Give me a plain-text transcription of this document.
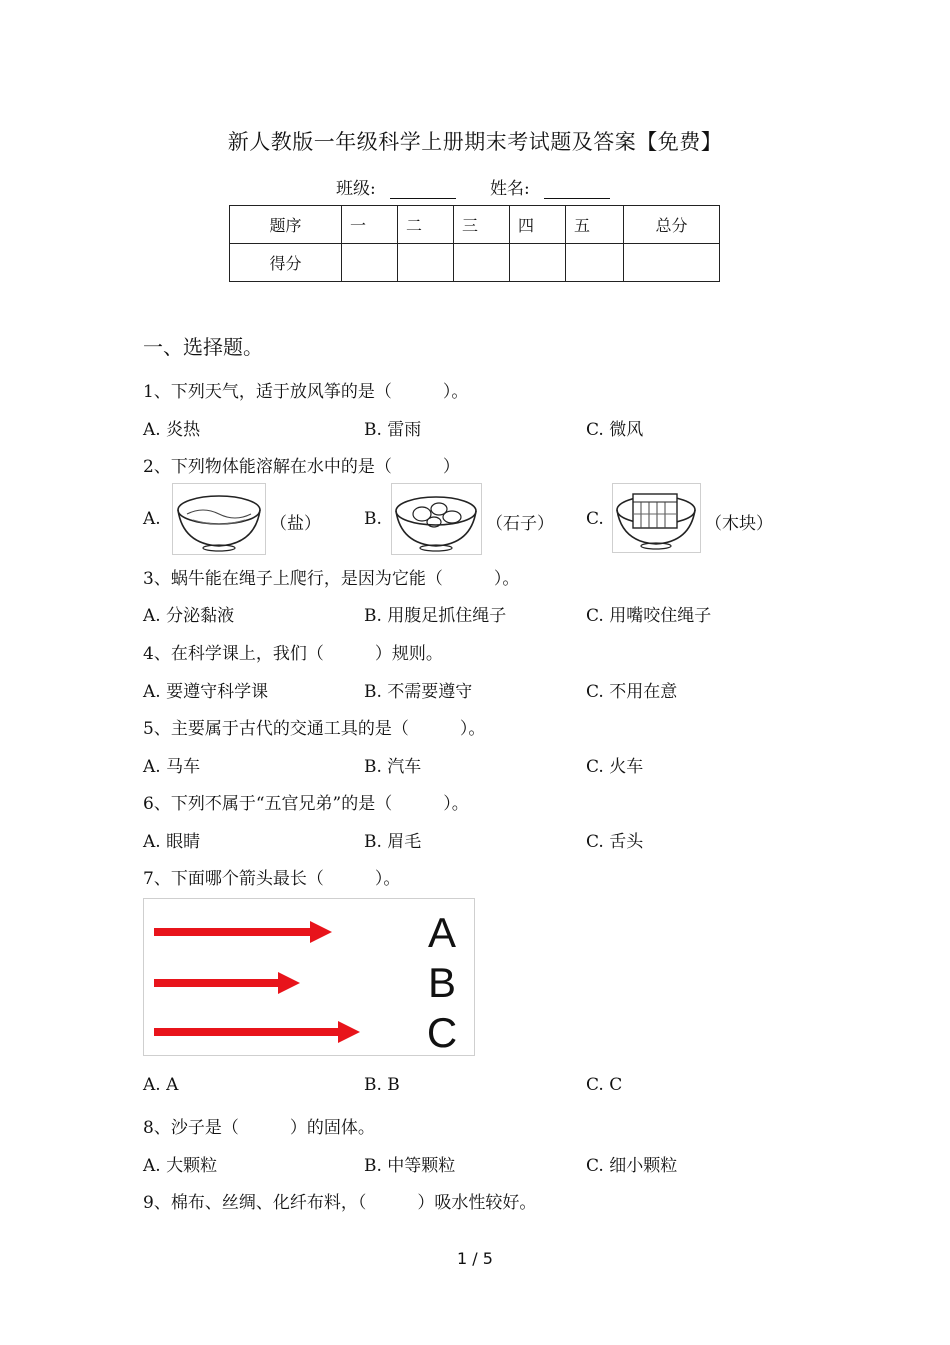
新人教版一年级科学上册期末考试题及答案【免费】
班级:	姓名:
题序	一	二	三	四	五	总分
得分						
一、选择题。
1、下列天气，适于放风筝的是（　　　）。
A. 炎热	B. 雷雨	C. 微风
2、下列物体能溶解在水中的是（　　　）
A.	（盐）	B.	（石子） C.	（木块）
3、蜗牛能在绳子上爬行，是因为它能（　　　）。
A. 分泌黏液	B. 用腹足抓住绳子	C. 用嘴咬住绳子
4、在科学课上，我们（　　　）规则。
A. 要遵守科学课	B. 不需要遵守	C. 不用在意
5、主要属于古代的交通工具的是（　　　）。
A. 马车	B. 汽车	C. 火车
6、下列不属于“五官兄弟”的是（　　　）。
A. 眼睛	B. 眉毛	C. 舌头
7、下面哪个箭头最长（　　　）。
A
B
C
A. A	B. B	C. C
8、沙子是（　　　）的固体。
A. 大颗粒	B. 中等颗粒	C. 细小颗粒
9、棉布、丝绸、化纤布料，（　　　）吸水性较好。
1 / 5
